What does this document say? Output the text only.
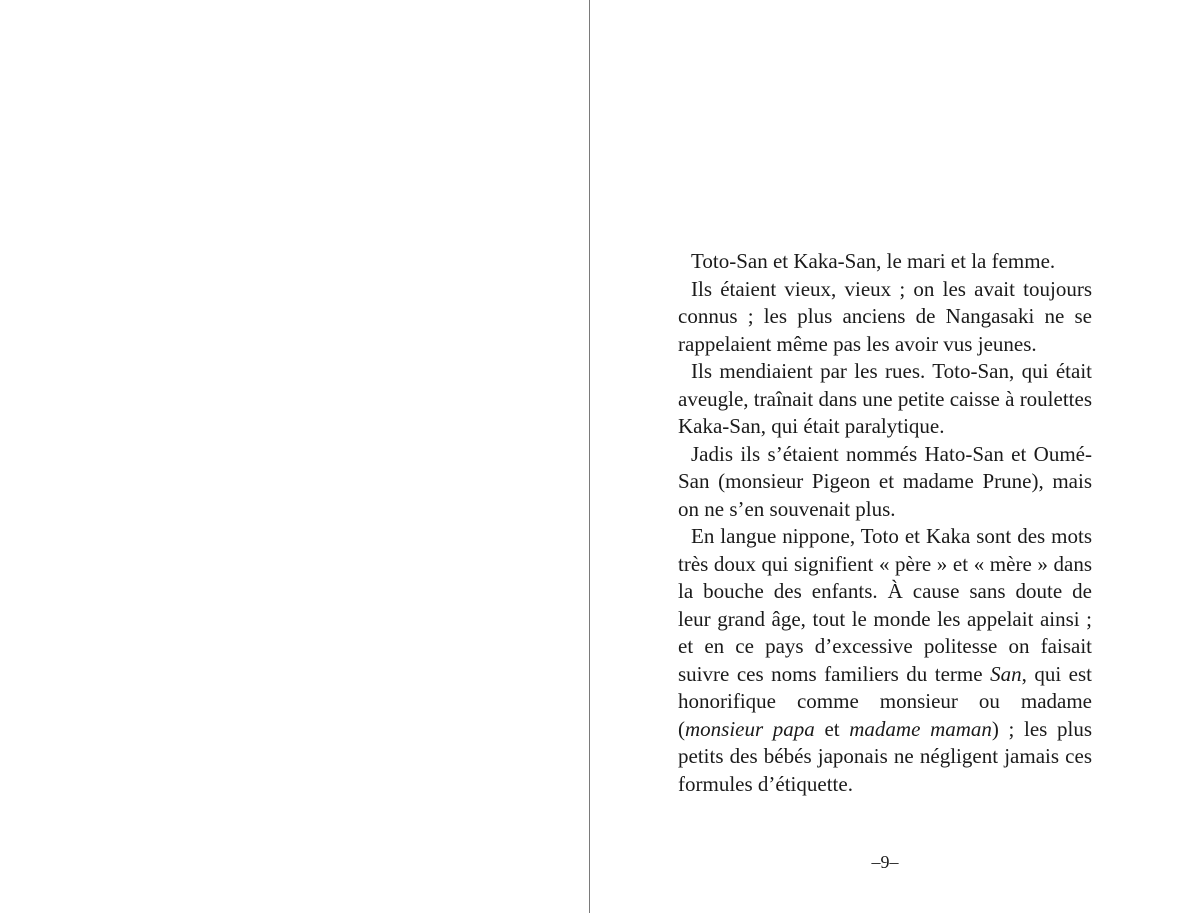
Toto-San et Kaka-San, le mari et la femme.

Ils étaient vieux, vieux ; on les avait toujours connus ; les plus anciens de Nangasaki ne se rappelaient même pas les avoir vus jeunes.

Ils mendiaient par les rues. Toto-San, qui était aveugle, traînait dans une petite caisse à roulettes Kaka-San, qui était paralytique.

Jadis ils s’étaient nommés Hato-San et Oumé-San (monsieur Pigeon et madame Prune), mais on ne s’en souvenait plus.

En langue nippone, Toto et Kaka sont des mots très doux qui signifient « père » et « mère » dans la bouche des enfants. À cause sans doute de leur grand âge, tout le monde les appelait ainsi ; et en ce pays d’excessive politesse on faisait suivre ces noms familiers du terme San, qui est honorifique comme monsieur ou madame (monsieur papa et madame maman) ; les plus petits des bébés japonais ne négligent jamais ces formules d’étiquette.

–9–
